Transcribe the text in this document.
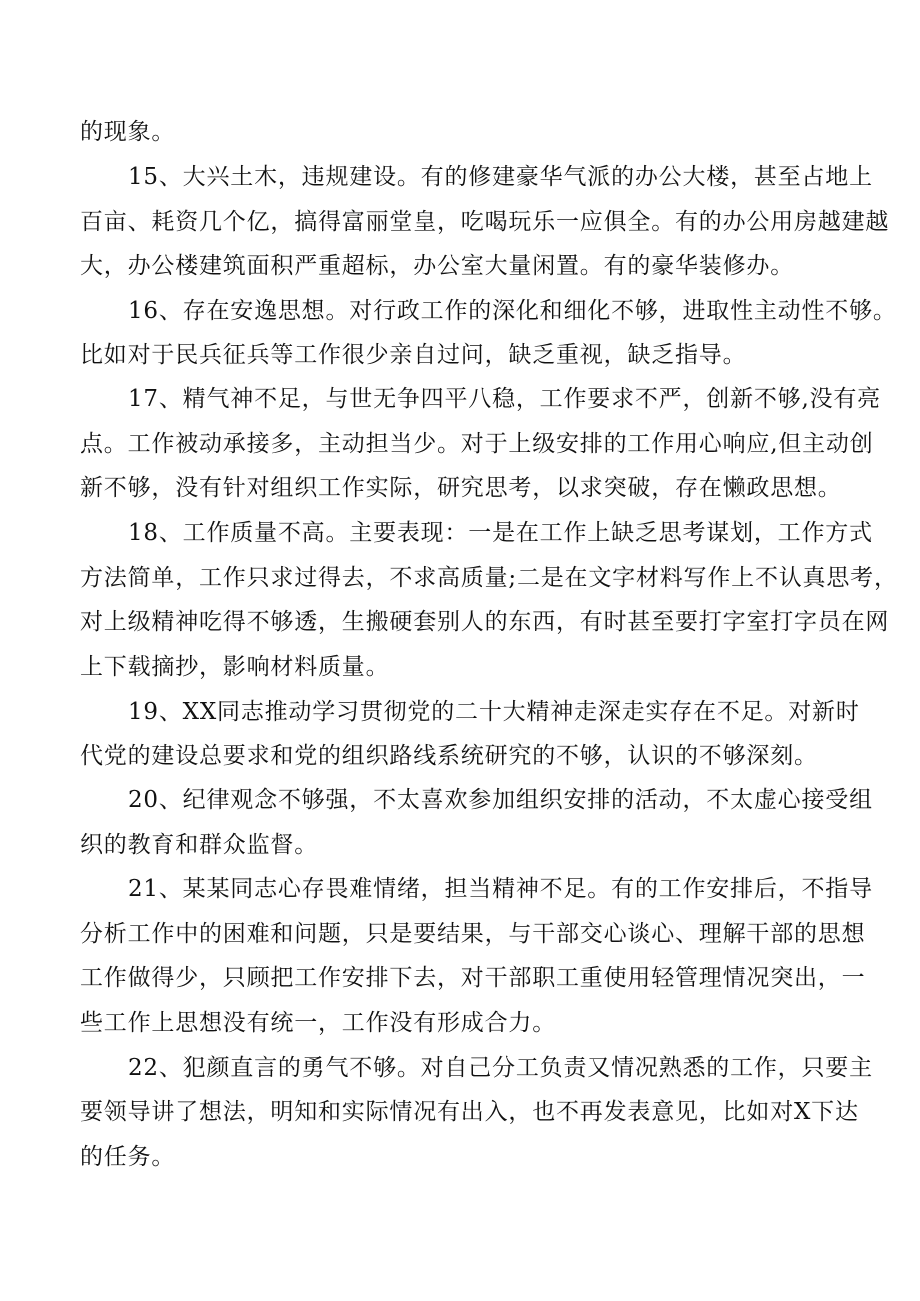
的现象。
15、大兴土木，违规建设。有的修建豪华气派的办公大楼，甚至占地上
百亩、耗资几个亿，搞得富丽堂皇，吃喝玩乐一应俱全。有的办公用房越建越
大，办公楼建筑面积严重超标，办公室大量闲置。有的豪华装修办。
16、存在安逸思想。对行政工作的深化和细化不够，进取性主动性不够。
比如对于民兵征兵等工作很少亲自过问，缺乏重视，缺乏指导。
17、精气神不足，与世无争四平八稳，工作要求不严，创新不够,没有亮
点。工作被动承接多，主动担当少。对于上级安排的工作用心响应,但主动创
新不够，没有针对组织工作实际，研究思考，以求突破，存在懒政思想。
18、工作质量不高。主要表现：一是在工作上缺乏思考谋划，工作方式
方法简单，工作只求过得去，不求高质量;二是在文字材料写作上不认真思考，
对上级精神吃得不够透，生搬硬套别人的东西，有时甚至要打字室打字员在网
上下载摘抄，影响材料质量。
19、XX同志推动学习贯彻党的二十大精神走深走实存在不足。对新时
代党的建设总要求和党的组织路线系统研究的不够，认识的不够深刻。
20、纪律观念不够强，不太喜欢参加组织安排的活动，不太虚心接受组
织的教育和群众监督。
21、某某同志心存畏难情绪，担当精神不足。有的工作安排后，不指导
分析工作中的困难和问题，只是要结果，与干部交心谈心、理解干部的思想
工作做得少，只顾把工作安排下去，对干部职工重使用轻管理情况突出，一
些工作上思想没有统一，工作没有形成合力。
22、犯颜直言的勇气不够。对自己分工负责又情况熟悉的工作，只要主
要领导讲了想法，明知和实际情况有出入，也不再发表意见，比如对X下达
的任务。
